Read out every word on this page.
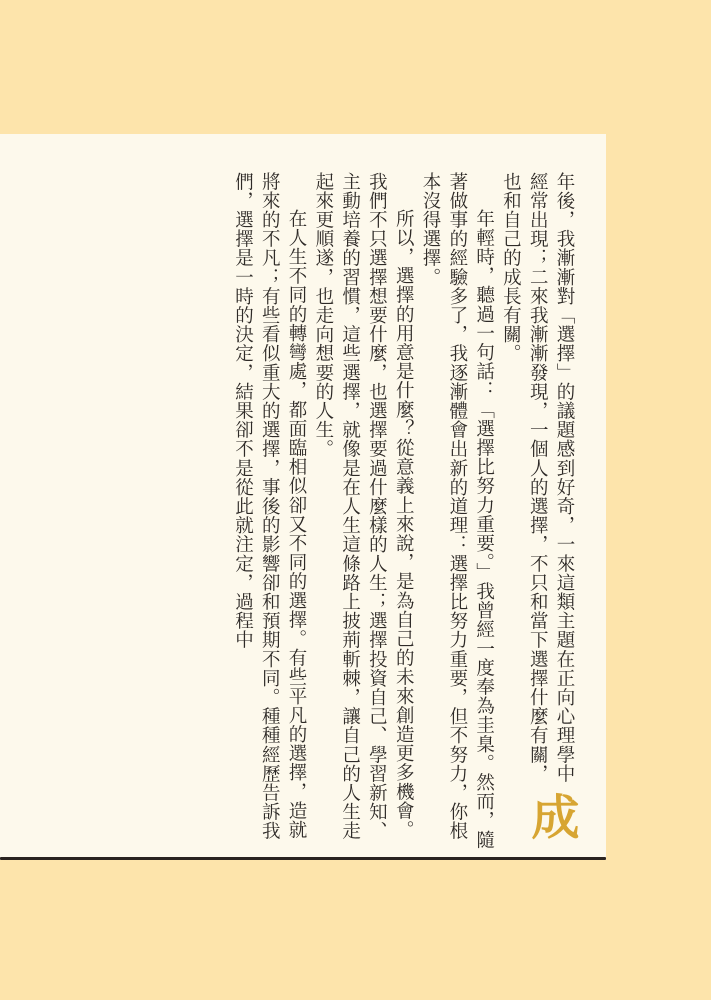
成
年後，我漸漸對「選擇」的議題感到好奇，一來這類主題在正向心理學中經常出現；二來我漸漸發現，一個人的選擇，不只和當下選擇什麼有關，也和自己的成長有關。

年輕時，聽過一句話：「選擇比努力重要。」我曾經一度奉為圭臬。然而，隨著做事的經驗多了，我逐漸體會出新的道理：選擇比努力重要，但不努力，你根本沒得選擇。

所以，選擇的用意是什麼？從意義上來說，是為自己的未來創造更多機會。我們不只選擇想要什麼，也選擇要過什麼樣的人生；選擇投資自己、學習新知、主動培養的習慣，這些選擇，就像是在人生這條路上披荊斬棘，讓自己的人生走起來更順遂，也走向想要的人生。

在人生不同的轉彎處，都面臨相似卻又不同的選擇。有些平凡的選擇，造就將來的不凡；有些看似重大的選擇，事後的影響卻和預期不同。種種經歷告訴我們，選擇是一時的決定，結果卻不是從此就注定，過程中
